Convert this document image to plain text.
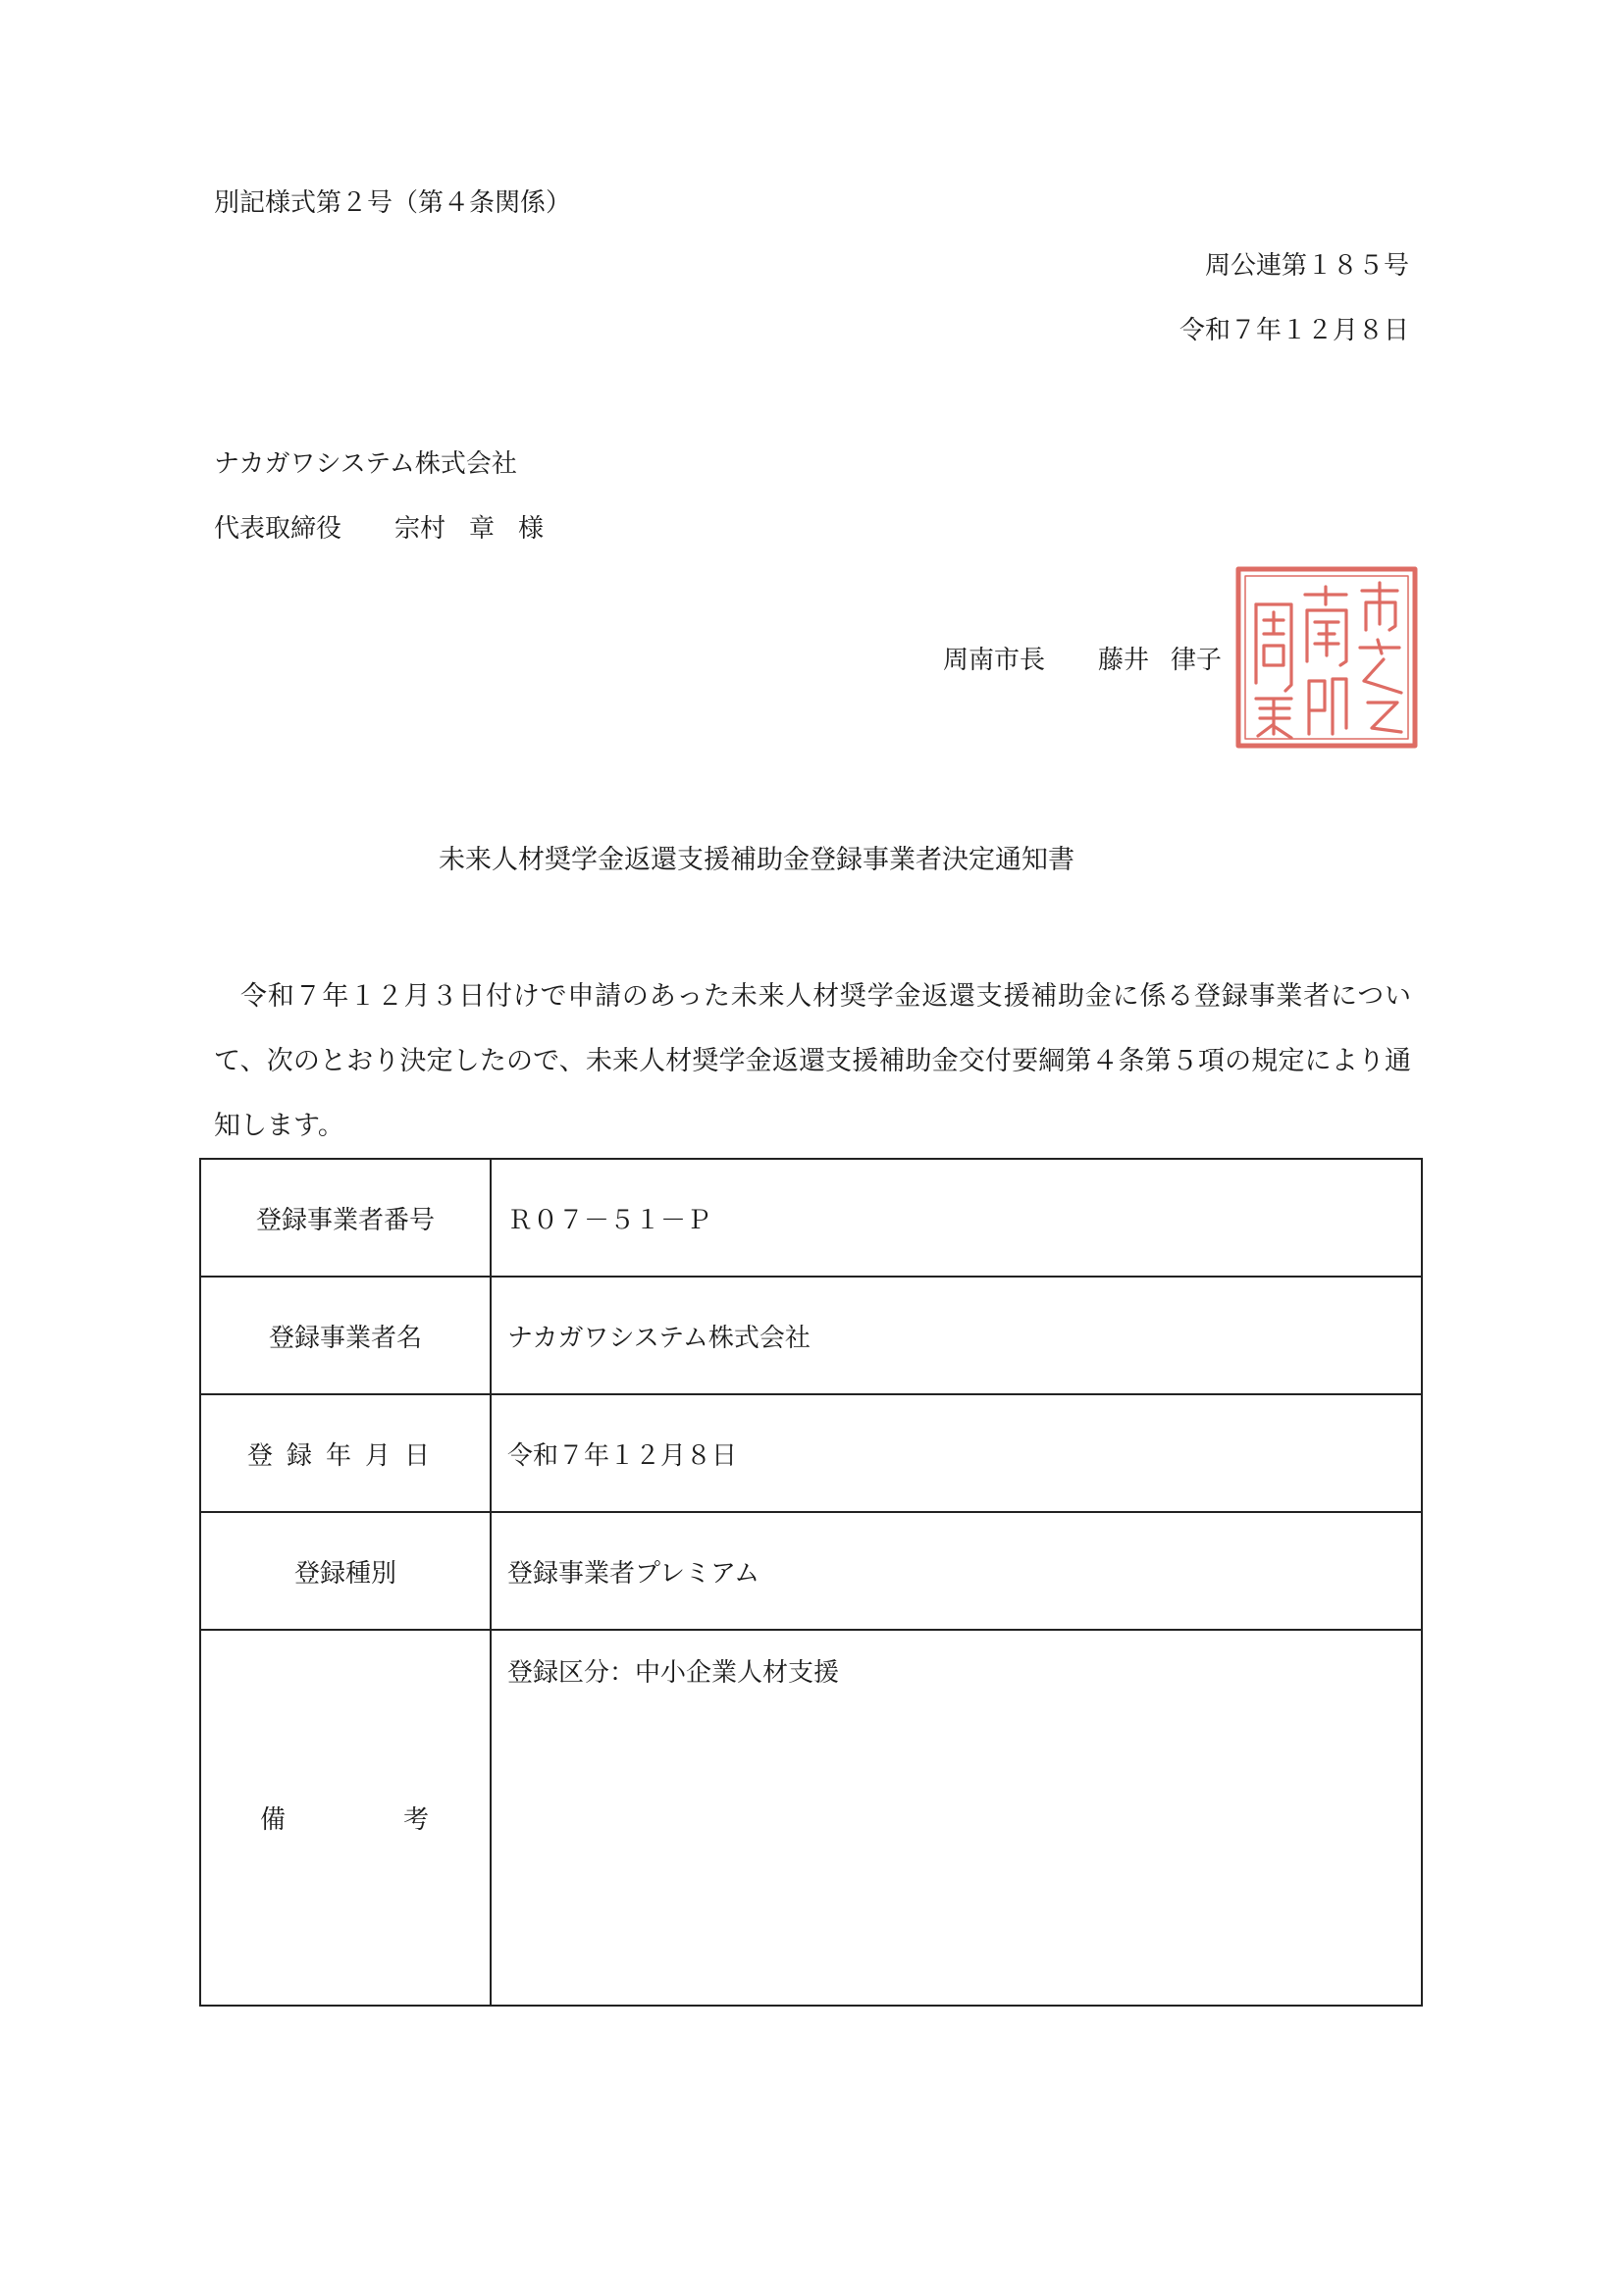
別記様式第２号（第４条関係）
周公連第１８５号
令和７年１２月８日
ナカガワシステム株式会社
代表取締役 宗村 章 様
周南市長 藤井 律子
未来人材奨学金返還支援補助金登録事業者決定通知書
令和７年１２月３日付けで申請のあった未来人材奨学金返還支援補助金に係る登録事業者について、次のとおり決定したので、未来人材奨学金返還支援補助金交付要綱第４条第５項の規定により通知します。
登録事業者番号	Ｒ０７－５１－Ｐ
登録事業者名	ナカガワシステム株式会社
登録年月日	令和７年１２月８日
登録種別	登録事業者プレミアム

備 考	登録区分：中小企業人材支援
